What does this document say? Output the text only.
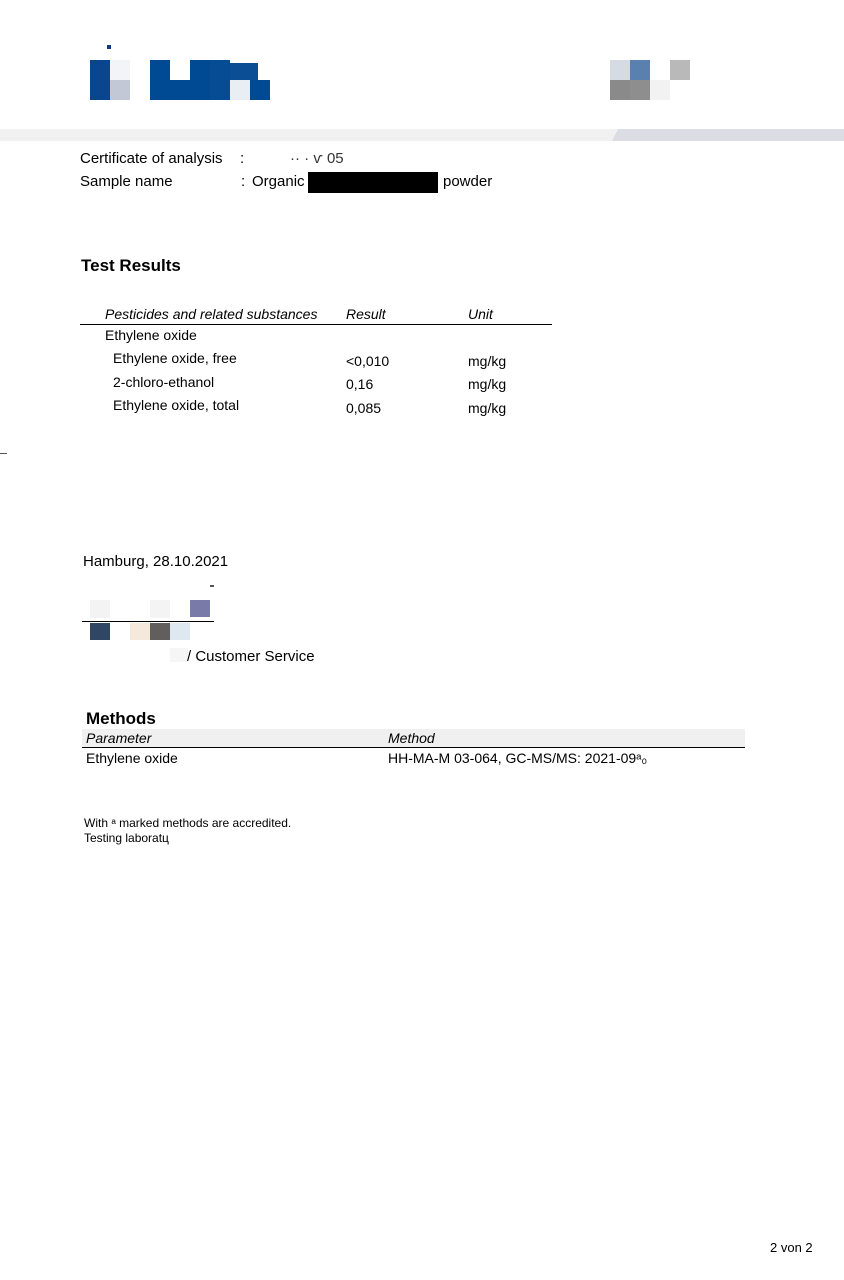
Certificate of analysis :	·· · ѵ 05
Sample name	: Organic	powder
Test Results
Pesticides and related substances Result	Unit
Ethylene oxide
Ethylene oxide, free	<0,010	mg/kg
2-chloro-ethanol	0,16	mg/kg
Ethylene oxide, total	0,085	mg/kg
Hamburg, 28.10.2021
/ Customer Service
Methods
Parameter	Method
Ethylene oxide	HH-MA-M 03-064, GC-MS/MS: 2021-09ᵃ₀
With ᵃ marked methods are accredited.
Testing laboratц
2 von 2
